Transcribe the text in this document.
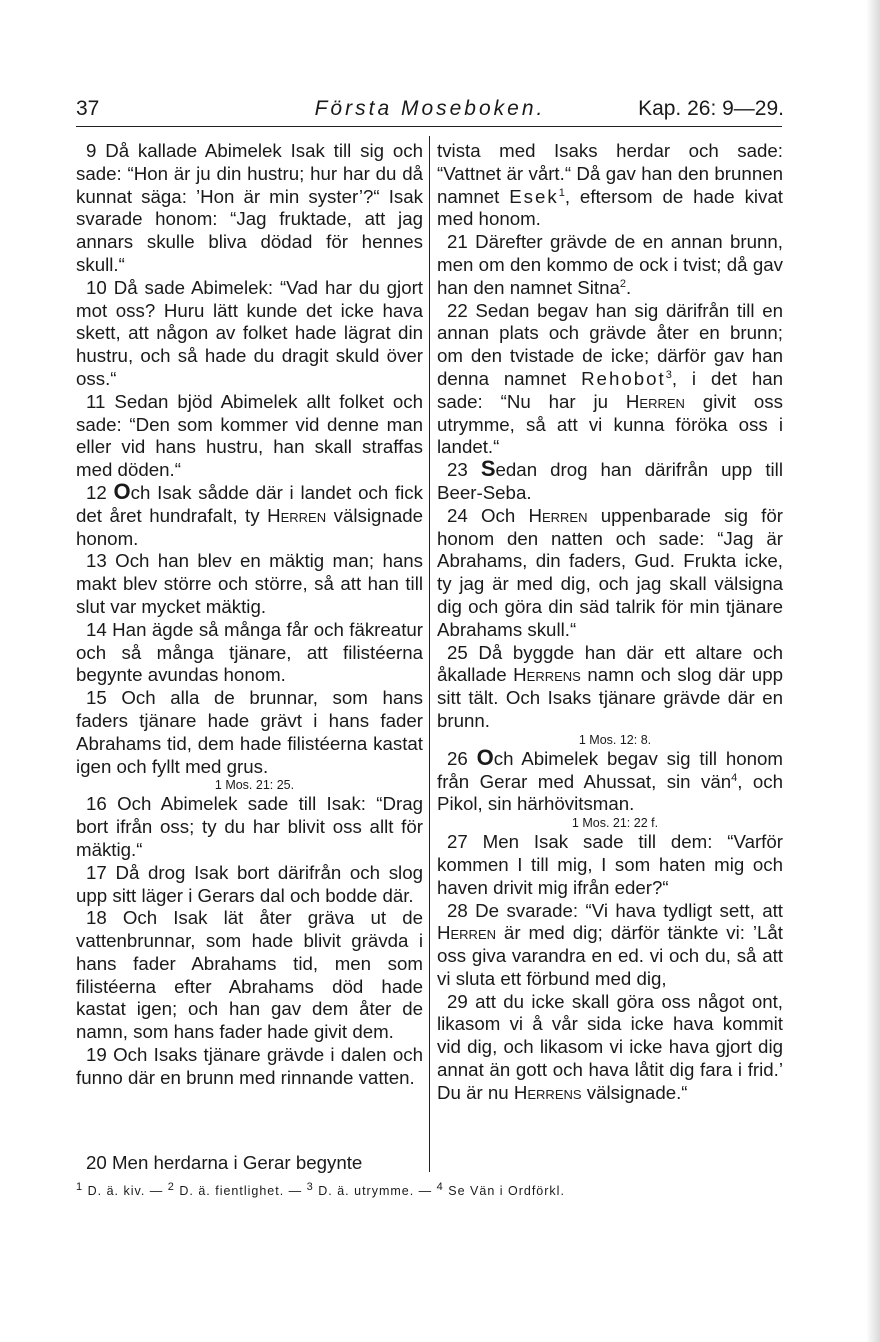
37	Första Moseboken.	Kap. 26: 9—29.

9 Då kallade Abimelek Isak till sig och sade: “Hon är ju din hustru; hur har du då kunnat säga: ’Hon är min syster’?“ Isak svarade honom: “Jag fruktade, att jag annars skulle bliva dödad för hennes skull.“

10 Då sade Abimelek: “Vad har du gjort mot oss? Huru lätt kunde det icke hava skett, att någon av folket hade lägrat din hustru, och så hade du dragit skuld över oss.“

11 Sedan bjöd Abimelek allt folket och sade: “Den som kommer vid denne man eller vid hans hustru, han skall straffas med döden.“

12 Och Isak sådde där i landet och fick det året hundrafalt, ty Herren välsignade honom.

13 Och han blev en mäktig man; hans makt blev större och större, så att han till slut var mycket mäktig.

14 Han ägde så många får och fäkreatur och så många tjänare, att filistéerna begynte avundas honom.

15 Och alla de brunnar, som hans faders tjänare hade grävt i hans fader Abrahams tid, dem hade filistéerna kastat igen och fyllt med grus.

1 Mos. 21: 25.

16 Och Abimelek sade till Isak: “Drag bort ifrån oss; ty du har blivit oss allt för mäktig.“

17 Då drog Isak bort därifrån och slog upp sitt läger i Gerars dal och bodde där.

18 Och Isak lät åter gräva ut de vattenbrunnar, som hade blivit grävda i hans fader Abrahams tid, men som filistéerna efter Abrahams död hade kastat igen; och han gav dem åter de namn, som hans fader hade givit dem.

19 Och Isaks tjänare grävde i dalen och funno där en brunn med rinnande vatten.

20 Men herdarna i Gerar begynte

tvista med Isaks herdar och sade: “Vattnet är vårt.“ Då gav han den brunnen namnet Esek$^1$, eftersom de hade kivat med honom.

21 Därefter grävde de en annan brunn, men om den kommo de ock i tvist; då gav han den namnet Sitna$^2$.

22 Sedan begav han sig därifrån till en annan plats och grävde åter en brunn; om den tvistade de icke; därför gav han denna namnet Rehobot$^3$, i det han sade: “Nu har ju Herren givit oss utrymme, så att vi kunna föröka oss i landet.“

23 Sedan drog han därifrån upp till Beer-Seba.

24 Och Herren uppenbarade sig för honom den natten och sade: “Jag är Abrahams, din faders, Gud. Frukta icke, ty jag är med dig, och jag skall välsigna dig och göra din säd talrik för min tjänare Abrahams skull.“

25 Då byggde han där ett altare och åkallade Herrens namn och slog där upp sitt tält. Och Isaks tjänare grävde där en brunn.

1 Mos. 12: 8.

26 Och Abimelek begav sig till honom från Gerar med Ahussat, sin vän$^4$, och Pikol, sin härhövitsman.

1 Mos. 21: 22 f.

27 Men Isak sade till dem: “Varför kommen I till mig, I som haten mig och haven drivit mig ifrån eder?“

28 De svarade: “Vi hava tydligt sett, att Herren är med dig; därför tänkte vi: ’Låt oss giva varandra en ed. vi och du, så att vi sluta ett förbund med dig,

29 att du icke skall göra oss något ont, likasom vi å vår sida icke hava kommit vid dig, och likasom vi icke hava gjort dig annat än gott och hava låtit dig fara i frid.’ Du är nu Herrens välsignade.“

$^1$ D. ä. kiv. — $^2$ D. ä. fientlighet. — $^3$ D. ä. utrymme. — $^4$ Se Vän i Ordförkl.
